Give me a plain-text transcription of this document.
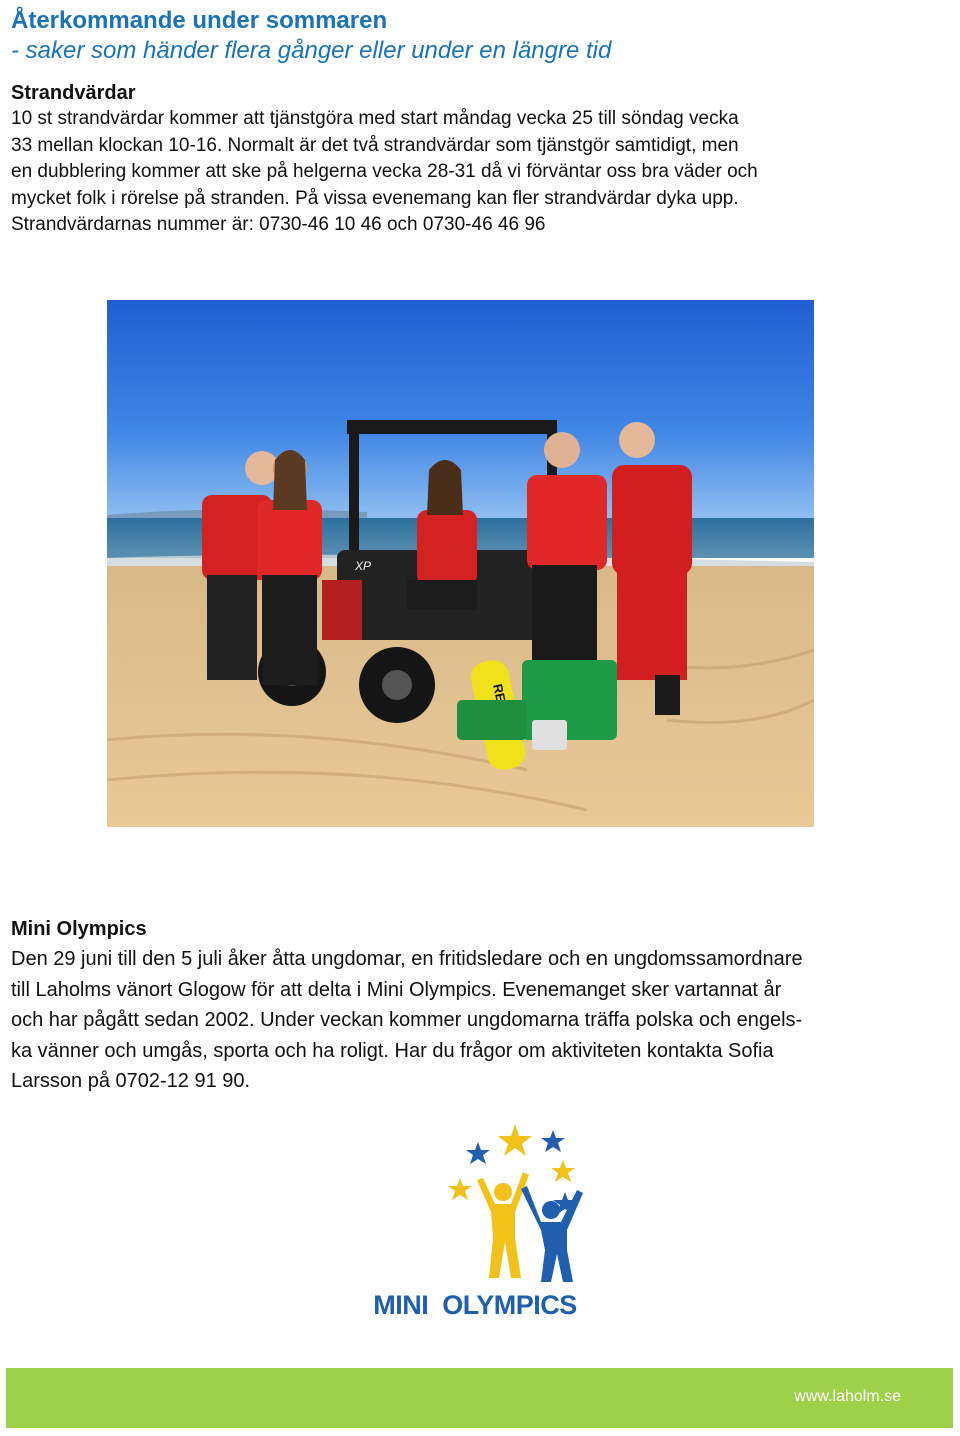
Återkommande under sommaren
- saker som händer flera gånger eller under en längre tid
Strandvärdar

10 st strandvärdar kommer att tjänstgöra med start måndag vecka 25 till söndag vecka

33 mellan klockan 10-16. Normalt är det två strandvärdar som tjänstgör samtidigt, men

en dubblering kommer att ske på helgerna vecka 28-31 då vi förväntar oss bra väder och

mycket folk i rörelse på stranden. På vissa evenemang kan fler strandvärdar dyka upp.

Strandvärdarnas nummer är: 0730-46 10 46 och 0730-46 46 96

XP
Mini Olympics

Den 29 juni till den 5 juli åker åtta ungdomar, en fritidsledare och en ungdomssamordnare

till Laholms vänort Glogow för att delta i Mini Olympics. Evenemanget sker vartannat år

och har pågått sedan 2002. Under veckan kommer ungdomarna träffa polska och engels-

ka vänner och umgås, sporta och ha roligt. Har du frågor om aktiviteten kontakta Sofia

Larsson på 0702-12 91 90.

MINI  OLYMPICS
www.laholm.se
